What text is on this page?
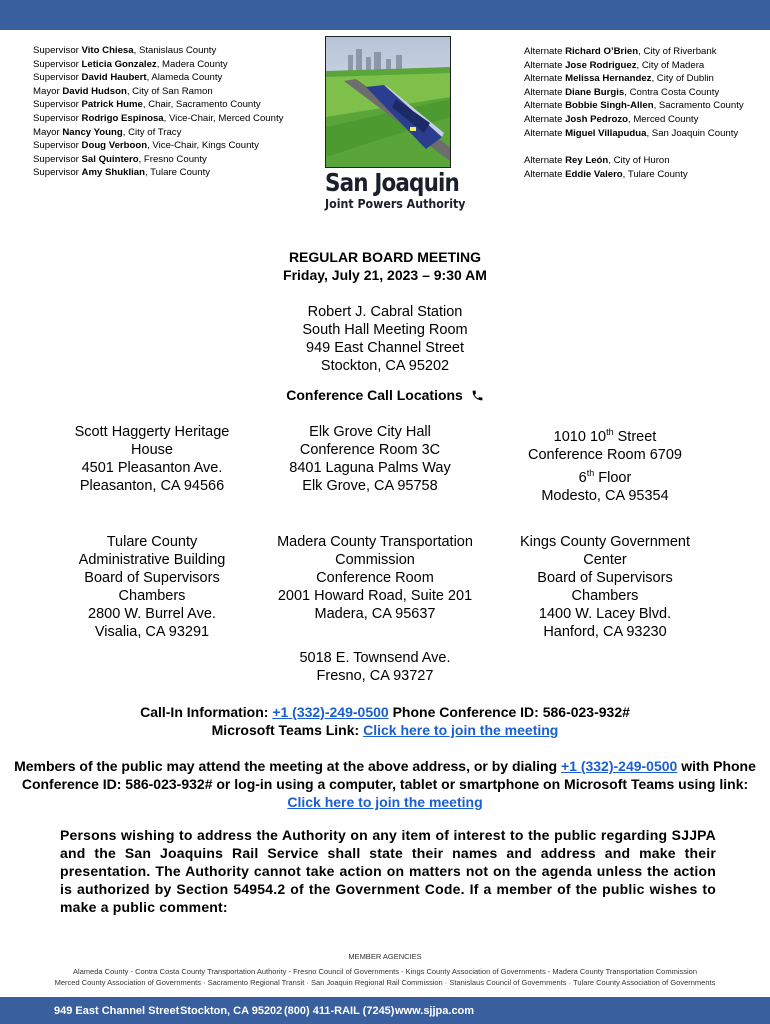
Supervisor Vito Chiesa, Stanislaus County
Supervisor Leticia Gonzalez, Madera County
Supervisor David Haubert, Alameda County
Mayor David Hudson, City of San Ramon
Supervisor Patrick Hume, Chair, Sacramento County
Supervisor Rodrigo Espinosa, Vice-Chair, Merced County
Mayor Nancy Young, City of Tracy
Supervisor Doug Verboon, Vice-Chair, Kings County
Supervisor Sal Quintero, Fresno County
Supervisor Amy Shuklian, Tulare County
Alternate Richard O’Brien, City of Riverbank
Alternate Jose Rodriguez, City of Madera
Alternate Melissa Hernandez, City of Dublin
Alternate Diane Burgis, Contra Costa County
Alternate Bobbie Singh-Allen, Sacramento County
Alternate Josh Pedrozo, Merced County
Alternate Miguel Villapudua, San Joaquin County
Alternate Rey León, City of Huron
Alternate Eddie Valero, Tulare County
San Joaquin
Joint Powers Authority
REGULAR BOARD MEETING
Friday, July 21, 2023 – 9:30 AM
Robert J. Cabral Station
South Hall Meeting Room
949 East Channel Street
Stockton, CA 95202
Conference Call Locations
Scott Haggerty Heritage
House
4501 Pleasanton Ave.
Pleasanton, CA 94566
Elk Grove City Hall
Conference Room 3C
8401 Laguna Palms Way
Elk Grove, CA 95758
1010 10th Street
Conference Room 6709
6th Floor
Modesto, CA 95354
Tulare County
Administrative Building
Board of Supervisors
Chambers
2800 W. Burrel Ave.
Visalia, CA 93291
Madera County Transportation
Commission
Conference Room
2001 Howard Road, Suite 201
Madera, CA 95637
Kings County Government
Center
Board of Supervisors
Chambers
1400 W. Lacey Blvd.
Hanford, CA 93230
5018 E. Townsend Ave.
Fresno, CA 93727
Call-In Information: +1 (332)-249-0500 Phone Conference ID: 586-023-932#
Microsoft Teams Link: Click here to join the meeting
Members of the public may attend the meeting at the above address, or by dialing +1 (332)-249-0500 with Phone Conference ID: 586-023-932# or log-in using a computer, tablet or smartphone on Microsoft Teams using link: Click here to join the meeting
Persons wishing to address the Authority on any item of interest to the public regarding SJJPA and the San Joaquins Rail Service shall state their names and address and make their presentation. The Authority cannot take action on matters not on the agenda unless the action is authorized by Section 54954.2 of the Government Code. If a member of the public wishes to make a public comment:
MEMBER AGENCIES
Alameda County - Contra Costa County Transportation Authority - Fresno Council of Governments - Kings County Association of Governments - Madera County Transportation Commission
Merced County Association of Governments · Sacramento Regional Transit · San Joaquin Regional Rail Commission · Stanislaus Council of Governments · Tulare County Association of Governments
949 East Channel Street Stockton, CA 95202 (800) 411-RAIL (7245) www.sjjpa.com
